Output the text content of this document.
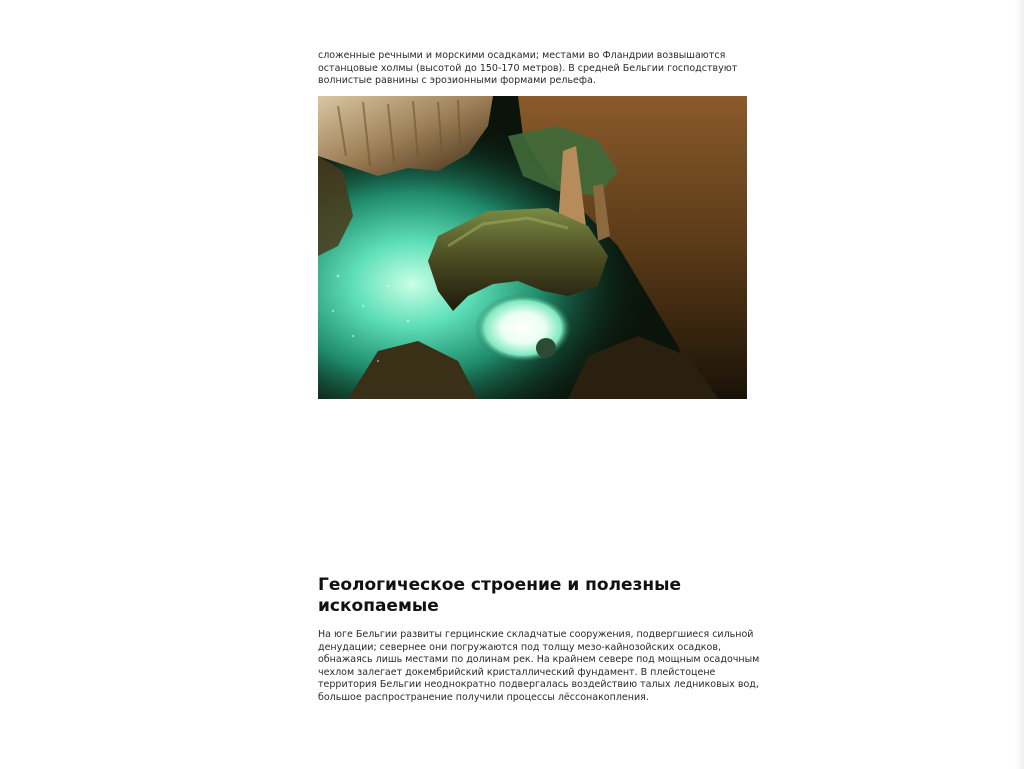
сложенные речными и морскими осадками; местами во Фландрии возвышаются
останцовые холмы (высотой до 150-170 метров). В средней Бельгии господствуют
волнистые равнины с эрозионными формами рельефа.

Геологическое строение и полезные
ископаемые

На юге Бельгии развиты герцинские складчатые сооружения, подвергшиеся сильной
денудации; севернее они погружаются под толщу мезо-кайнозойских осадков,
обнажаясь лишь местами по долинам рек. На крайнем севере под мощным осадочным
чехлом залегает докембрийский кристаллический фундамент. В плейстоцене
территория Бельгии неоднократно подвергалась воздействию талых ледниковых вод,
большое распространение получили процессы лёссонакопления.
